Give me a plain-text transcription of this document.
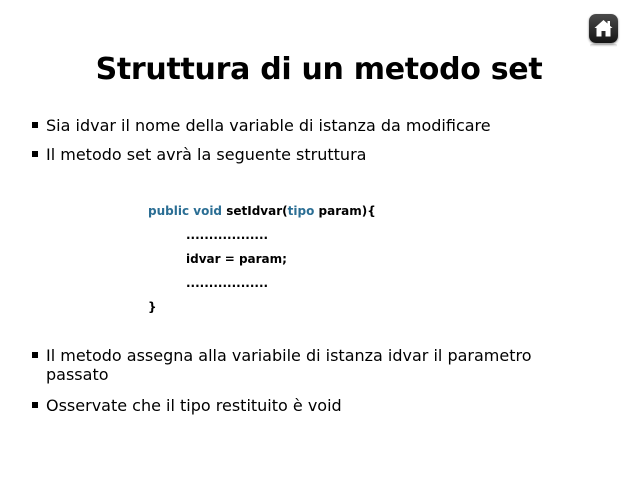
Struttura di un metodo set
Sia idvar il nome della variable di istanza da modificare
Il metodo set avrà la seguente struttura
public void setIdvar(tipo param){
..................
idvar = param;
..................
}
Il metodo assegna alla variabile di istanza idvar il parametro passato
Osservate che il tipo restituito è void
